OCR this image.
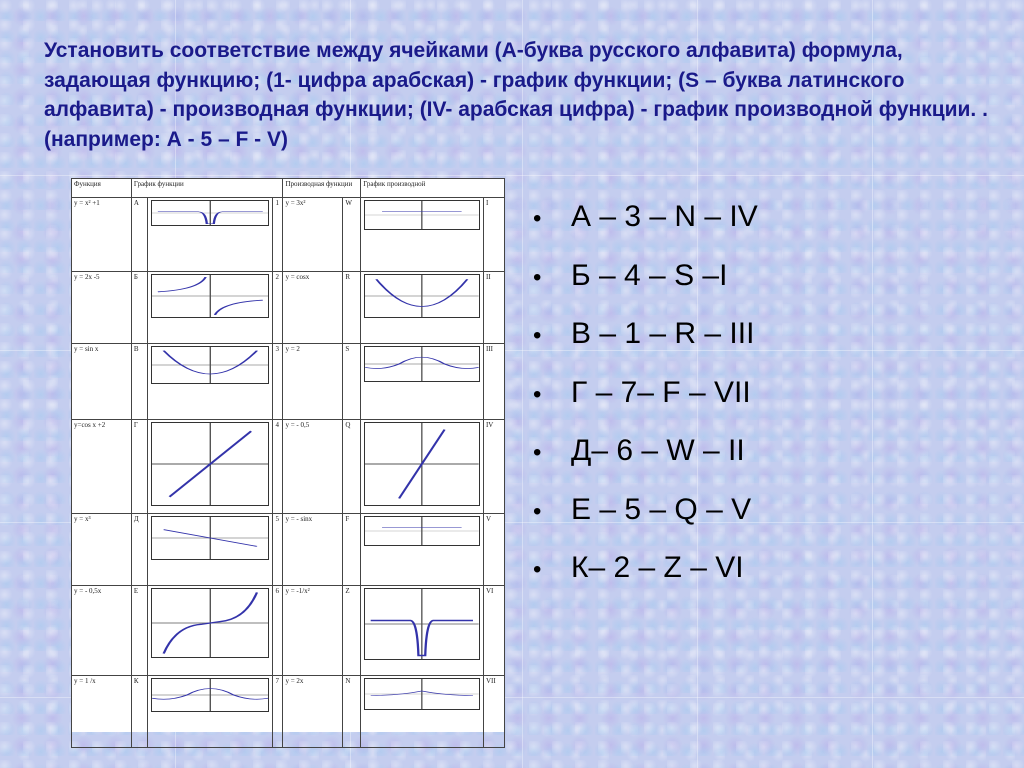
Установить соответствие между ячейками (А-буква русского алфавита) формула, задающая функцию; (1- цифра арабская) - график функции; (S – буква латинского алфавита) - производная функции; (IV- арабская цифра) - график производной функции. . (например: А - 5 – F - V)
Функция	График функции			Производная функции		График производной	
y = x² +1	А		1	y = 3x²	W		I
y = 2x -5	Б		2	y = cosx	R		II
y = sin x	В		3	y = 2	S		III
y=cos x +2	Г		4	y = - 0,5	Q		IV
y = x³	Д		5	y = - sinx	F		V
y = - 0,5x	Е		6	y = -1/x²	Z		VI
y = 1 /x	К		7	y = 2x	N		VII
• А – 3 – N – IV
• Б – 4 – S –I
• В – 1 – R – III
• Г – 7– F – VII
• Д– 6 – W – II
• Е – 5 – Q – V
• К– 2 – Z – VI
